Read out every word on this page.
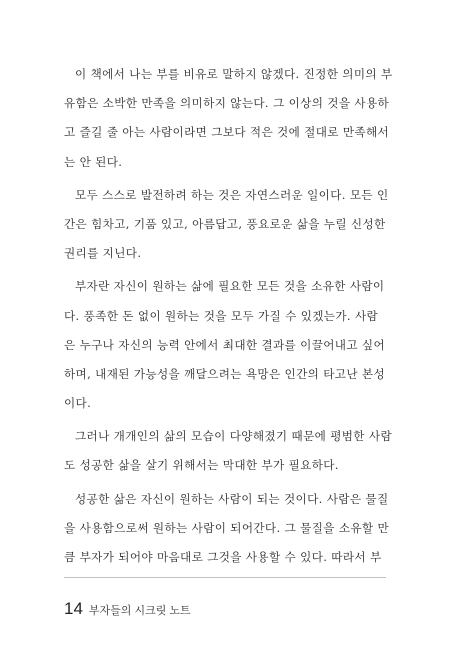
이 책에서 나는 부를 비유로 말하지 않겠다. 진정한 의미의 부
유함은 소박한 만족을 의미하지 않는다. 그 이상의 것을 사용하
고 즐길 줄 아는 사람이라면 그보다 적은 것에 절대로 만족해서
는 안 된다.
모두 스스로 발전하려 하는 것은 자연스러운 일이다. 모든 인
간은 힘차고, 기품 있고, 아름답고, 풍요로운 삶을 누릴 신성한
권리를 지닌다.
부자란 자신이 원하는 삶에 필요한 모든 것을 소유한 사람이
다. 풍족한 돈 없이 원하는 것을 모두 가질 수 있겠는가. 사람
은 누구나 자신의 능력 안에서 최대한 결과를 이끌어내고 싶어
하며, 내재된 가능성을 깨달으려는 욕망은 인간의 타고난 본성
이다.
그러나 개개인의 삶의 모습이 다양해졌기 때문에 평범한 사람
도 성공한 삶을 살기 위해서는 막대한 부가 필요하다.
성공한 삶은 자신이 원하는 사람이 되는 것이다. 사람은 물질
을 사용함으로써 원하는 사람이 되어간다. 그 물질을 소유할 만
큼 부자가 되어야 마음대로 그것을 사용할 수 있다. 따라서 부
14 부자들의 시크릿 노트
